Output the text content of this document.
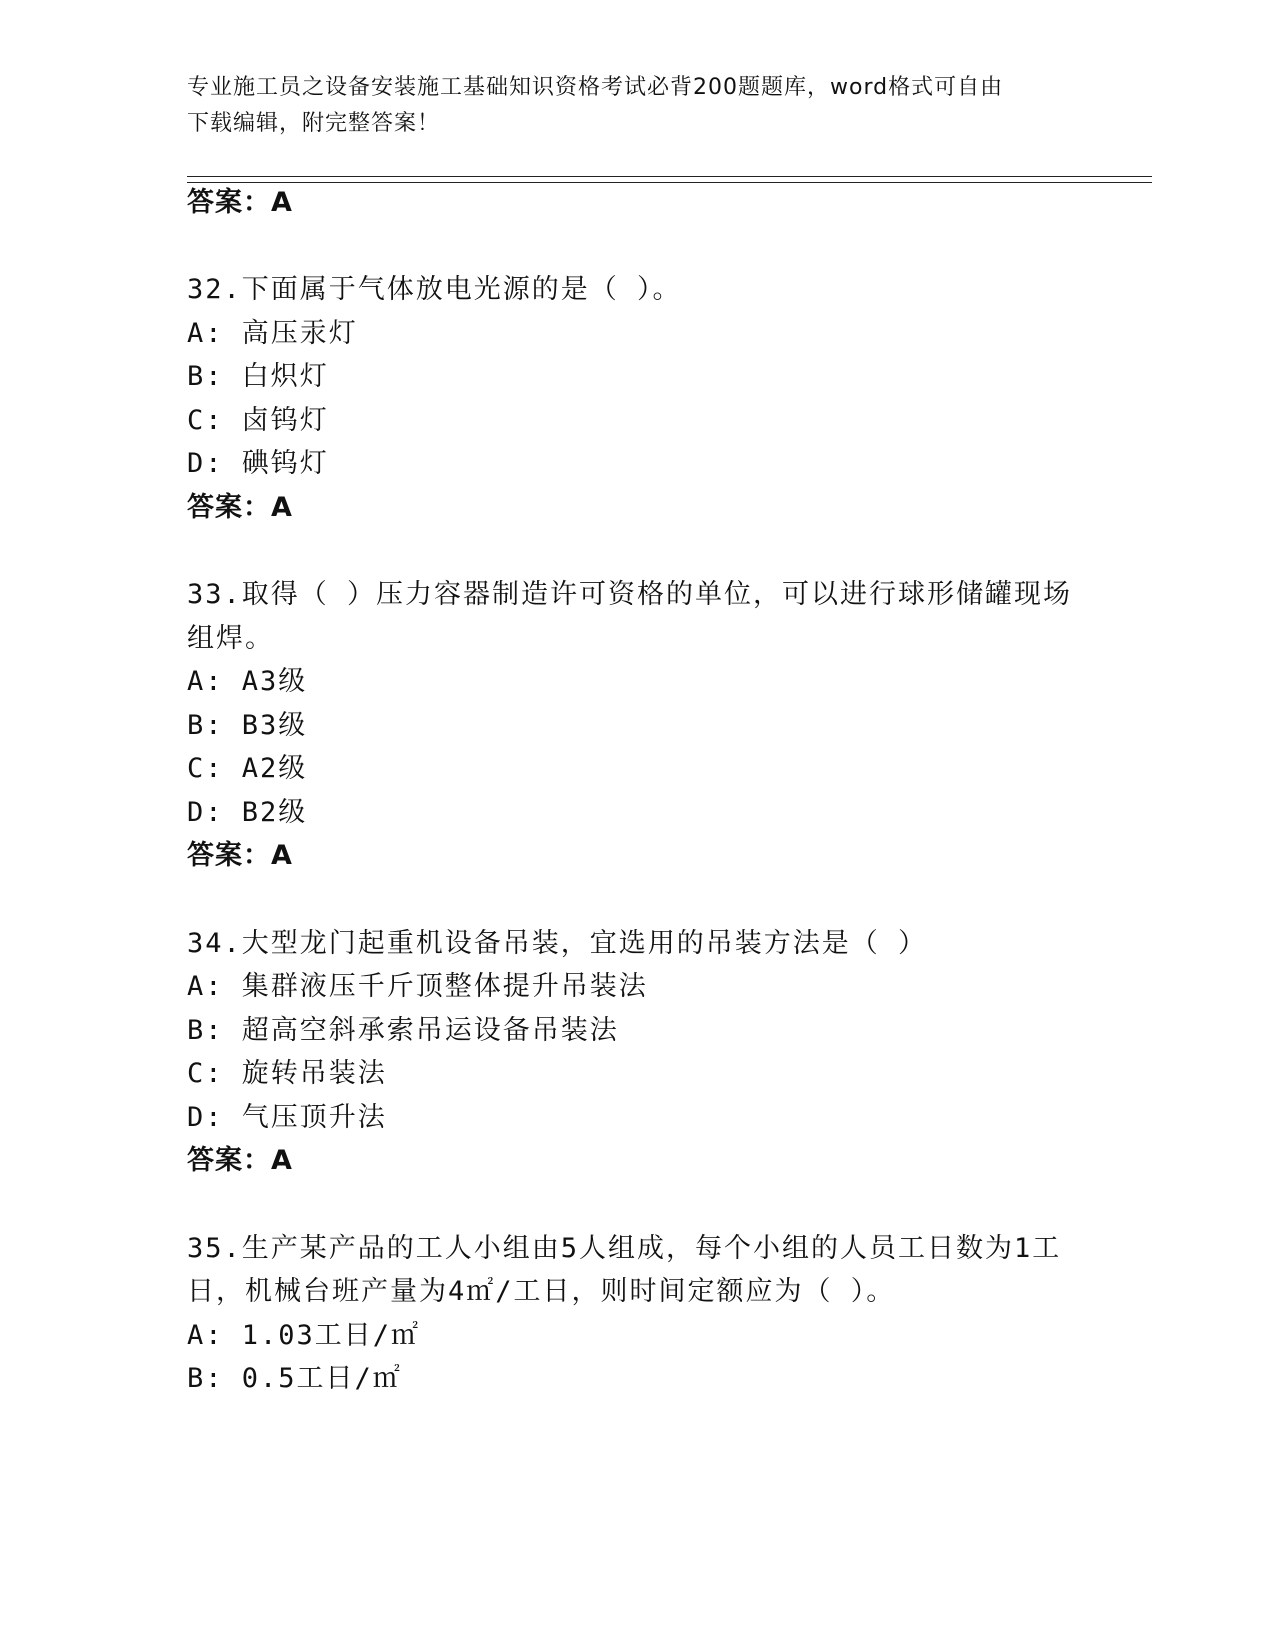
专业施工员之设备安装施工基础知识资格考试必背200题题库，word格式可自由
下载编辑，附完整答案！
答案：A
32.下面属于气体放电光源的是（ ）。
A: 高压汞灯
B: 白炽灯
C: 卤钨灯
D: 碘钨灯
答案：A
33.取得（ ）压力容器制造许可资格的单位，可以进行球形储罐现场
组焊。
A: A3级
B: B3级
C: A2级
D: B2级
答案：A
34.大型龙门起重机设备吊装，宜选用的吊装方法是（ ）
A: 集群液压千斤顶整体提升吊装法
B: 超高空斜承索吊运设备吊装法
C: 旋转吊装法
D: 气压顶升法
答案：A
35.生产某产品的工人小组由5人组成，每个小组的人员工日数为1工
日，机械台班产量为4㎡/工日，则时间定额应为（ ）。
A: 1.03工日/㎡
B: 0.5工日/㎡
